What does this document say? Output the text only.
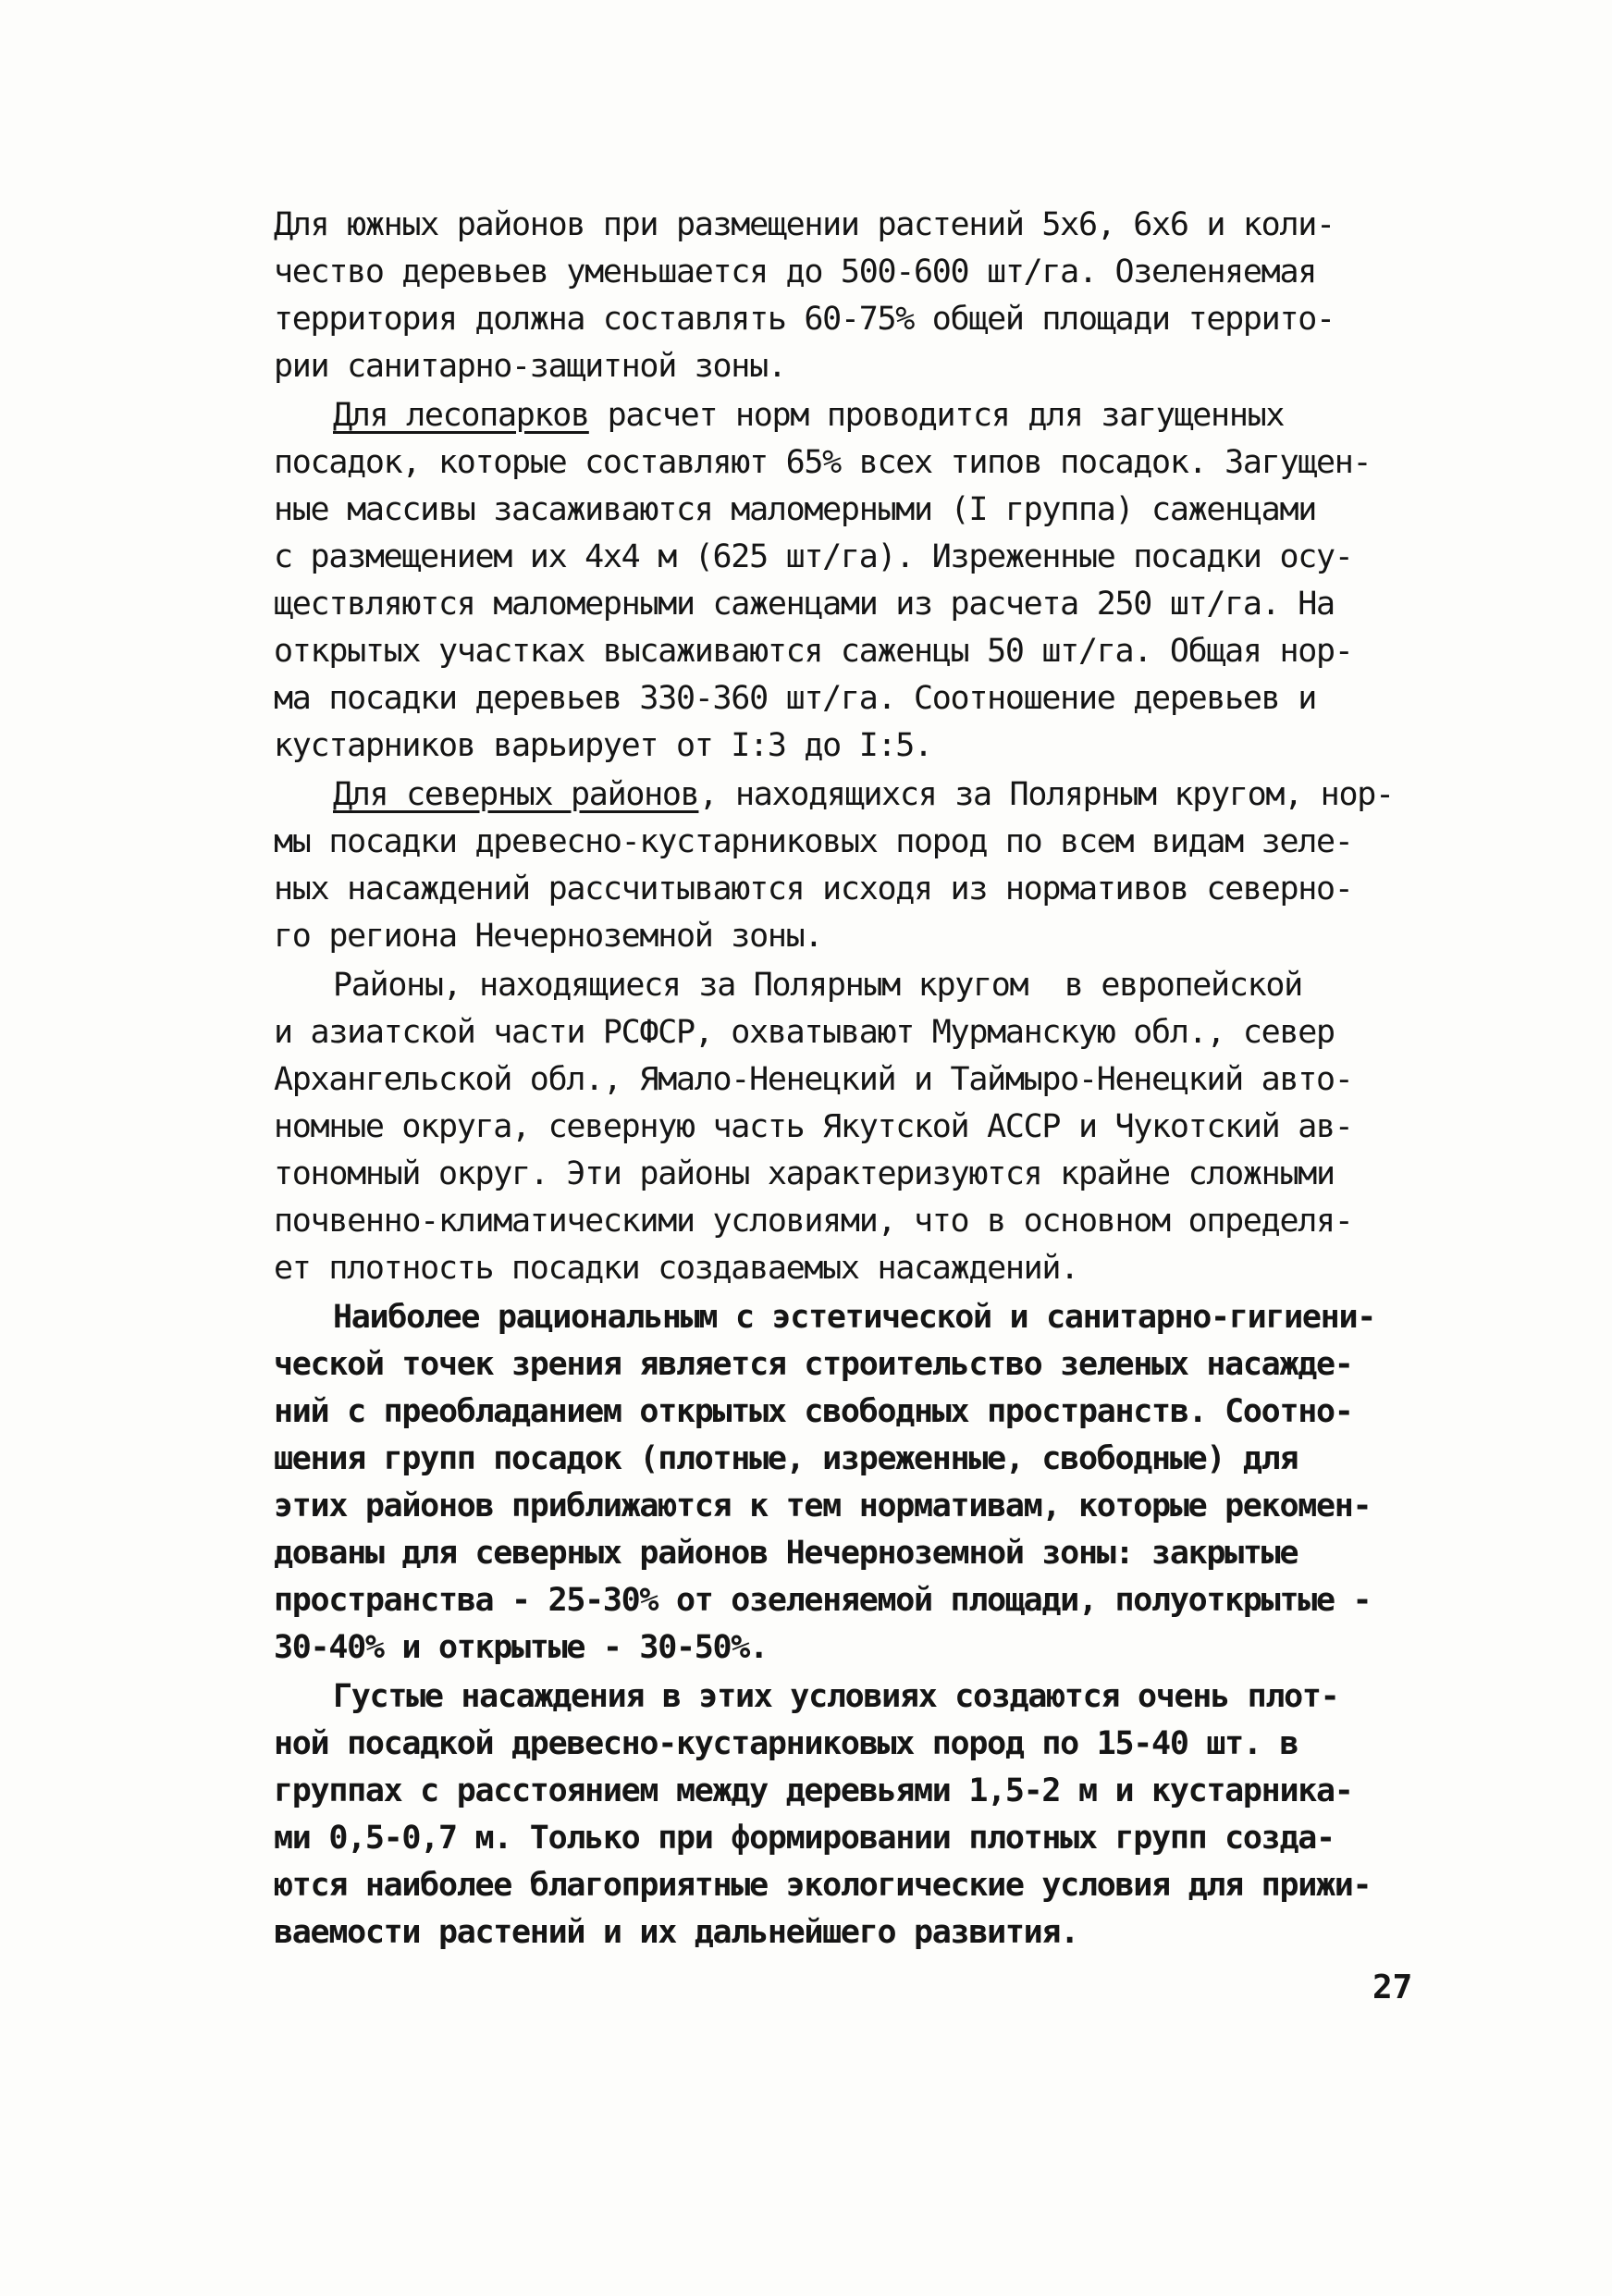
Для южных районов при размещении растений 5х6, 6х6 и коли-
чество деревьев уменьшается до 500-600 шт/га. Озеленяемая
территория должна составлять 60-75% общей площади террито-
рии санитарно-защитной зоны.

Для лесопарков расчет норм проводится для загущенных
посадок, которые составляют 65% всех типов посадок. Загущен-
ные массивы засаживаются маломерными (I группа) саженцами
с размещением их 4х4 м (625 шт/га). Изреженные посадки осу-
ществляются маломерными саженцами из расчета 250 шт/га. На
открытых участках высаживаются саженцы 50 шт/га. Общая нор-
ма посадки деревьев 330-360 шт/га. Соотношение деревьев и
кустарников варьирует от I:3 до I:5.

Для северных районов, находящихся за Полярным кругом, нор-
мы посадки древесно-кустарниковых пород по всем видам зеле-
ных насаждений рассчитываются исходя из нормативов северно-
го региона Нечерноземной зоны.

Районы, находящиеся за Полярным кругом  в европейской
и азиатской части РСФСР, охватывают Мурманскую обл., север
Архангельской обл., Ямало-Ненецкий и Таймыро-Ненецкий авто-
номные округа, северную часть Якутской АССР и Чукотский ав-
тономный округ. Эти районы характеризуются крайне сложными
почвенно-климатическими условиями, что в основном определя-
ет плотность посадки создаваемых насаждений.

Наиболее рациональным с эстетической и санитарно-гигиени-
ческой точек зрения является строительство зеленых насажде-
ний с преобладанием открытых свободных пространств. Соотно-
шения групп посадок (плотные, изреженные, свободные) для
этих районов приближаются к тем нормативам, которые рекомен-
дованы для северных районов Нечерноземной зоны: закрытые
пространства - 25-30% от озеленяемой площади, полуоткрытые -
30-40% и открытые - 30-50%.

Густые насаждения в этих условиях создаются очень плот-
ной посадкой древесно-кустарниковых пород по 15-40 шт. в
группах с расстоянием между деревьями 1,5-2 м и кустарника-
ми 0,5-0,7 м. Только при формировании плотных групп созда-
ются наиболее благоприятные экологические условия для прижи-
ваемости растений и их дальнейшего развития.

27
